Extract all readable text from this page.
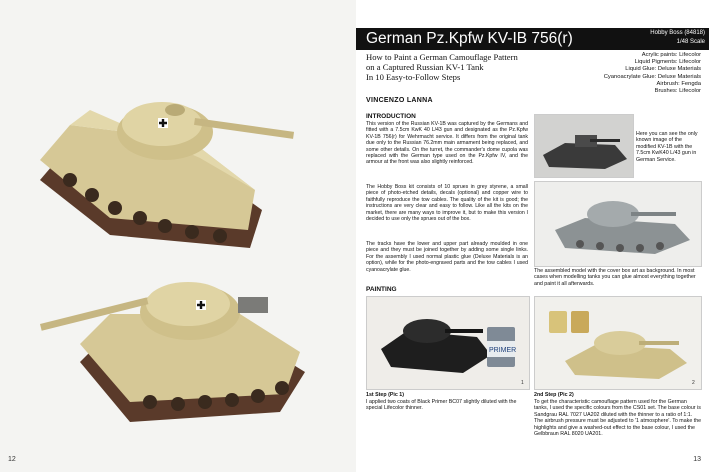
12
German Pz.Kpfw KV-IB 756(r)	Hobby Boss (84818)
1/48 Scale
How to Paint a German Camouflage Pattern
on a Captured Russian KV-1 Tank
In 10 Easy-to-Follow Steps
Acrylic paints: Lifecolor
Liquid Pigments: Lifecolor
Liquid Glue: Deluxe Materials
Cyanoacrylate Glue: Deluxe Materials
Airbrush: Fengda
Brushes: Lifecolor
VINCENZO LANNA
INTRODUCTION
This version of the Russian KV-1B was captured by the Germans and fitted with a 7.5cm KwK 40 L/43 gun and designated as the Pz.Kpfw KV-1B 756(r) for Wehrmacht service. It differs from the original tank due only to the Russian 76.2mm main armament being replaced, and some other details. On the turret, the commander's dome cupola was replaced with the German type used on the Pz.Kpfw IV, and the armour at the front was also slightly reinforced.
The Hobby Boss kit consists of 10 sprues in grey styrene, a small piece of photo-etched details, decals (optional) and copper wire to faithfully reproduce the tow cables. The quality of the kit is good; the instructions are very clear and easy to follow. Like all the kits on the market, there are many ways to improve it, but to make this version I decided to use only the sprues out of the box.
The tracks have the lower and upper part already moulded in one piece and they must be joined together by adding some single links. For the assembly I used normal plastic glue (Deluxe Materials is an option), while for the photo-engraved parts and the tow cables I used cyanoacrylate glue.
Here you can see the only known image of the modified KV-1B with the 7.5cm KwK40 L/43 gun in German Service.
The assembled model with the cover box art as background. In most cases when modelling tanks you can glue almost everything together and paint it all afterwards.
PAINTING
PRIMER
1	2
1st Step (Pic 1)
I applied two coats of Black Primer BC07 slightly diluted with the special Lifecolor thinner.
2nd Step (Pic 2)
To get the characteristic camouflage pattern used for the German tanks, I used the specific colours from the CS01 set. The base colour is Sandgrau RAL 7027 UA202 diluted with the thinner to a ratio of 1:1. The airbrush pressure must be adjusted to '1 atmosphere'. To make the highlights and give a washed-out effect to the base colour, I used the Gelbbraun RAL 8020 UA201.
13
